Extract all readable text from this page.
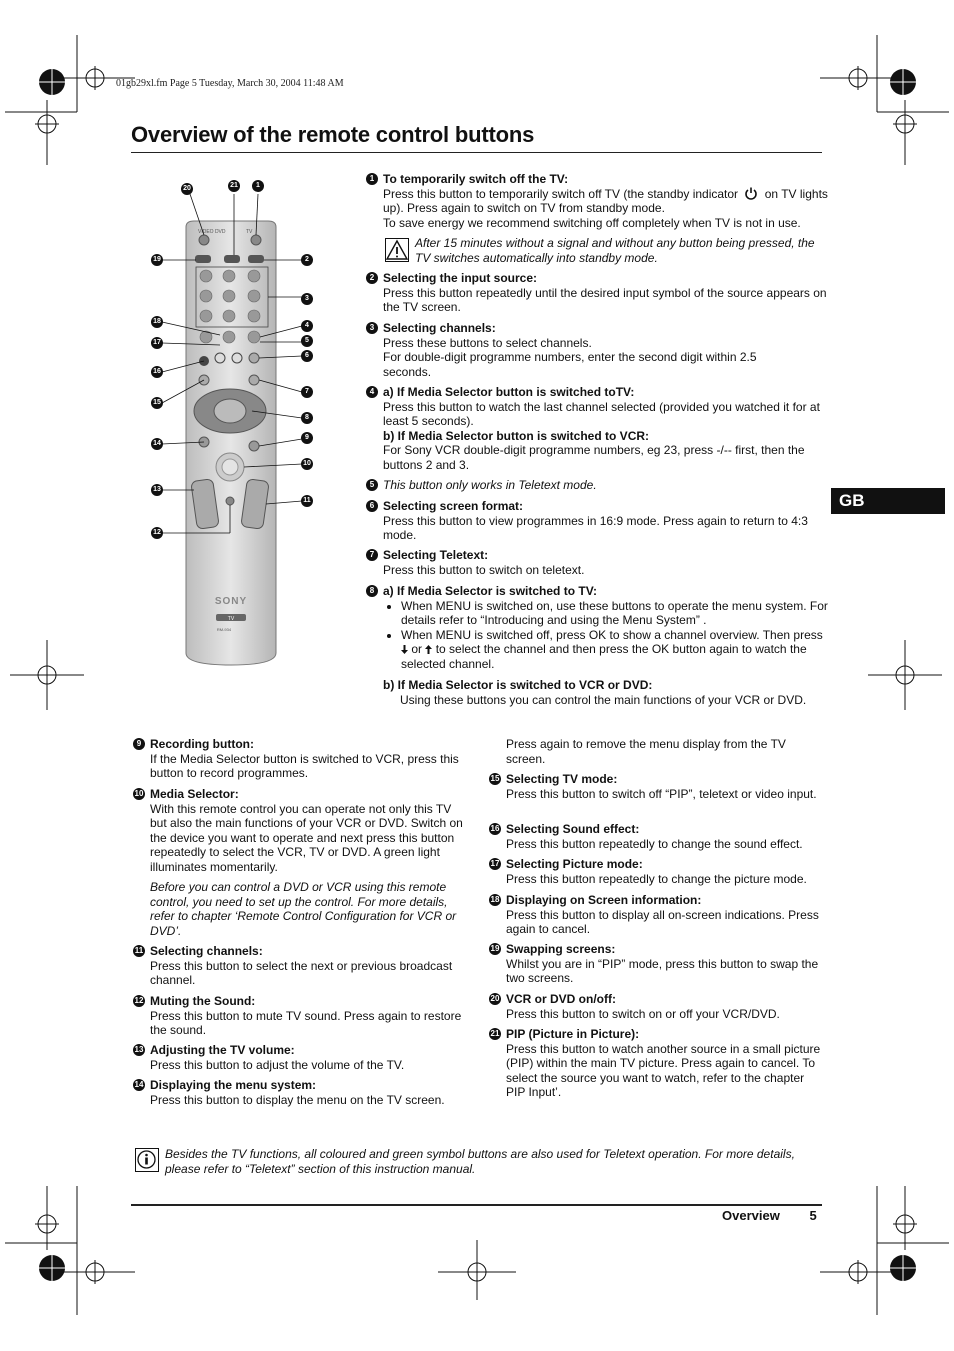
01gb29xl.fm Page 5 Tuesday, March 30, 2004 11:48 AM
Overview of the remote control buttons
GB
VIDEO DVD	TV
SONY
TV
RM-934
20	21	1
19	2
3
18
4
17	5
6
16
7
15
8
9
14
10
13
11
12
1 To temporarily switch off the TV:
Press this button to temporarily switch off TV (the standby indicator on TV lights up). Press again to switch on TV from standby mode.
To save energy we recommend switching off completely when TV is not in use.
After 15 minutes without a signal and without any button being pressed, the TV switches automatically into standby mode.
2 Selecting the input source:
Press this button repeatedly until the desired input symbol of the source appears on the TV screen.
3 Selecting channels:
Press these buttons to select channels.
For double-digit programme numbers, enter the second digit within 2.5 seconds.
4 a) If Media Selector button is switched toTV:
Press this button to watch the last channel selected (provided you watched it for at least 5 seconds).
b) If Media Selector button is switched to VCR:
For Sony VCR double-digit programme numbers, eg 23, press -/-- first, then the buttons 2 and 3.
5 This button only works in Teletext mode.
6 Selecting screen format:
Press this button to view programmes in 16:9 mode. Press again to return to 4:3 mode.
7 Selecting Teletext:
Press this button to switch on teletext.
8 a) If Media Selector is switched to TV:
• When MENU is switched on, use these buttons to operate the menu system. For details refer to “Introducing and using the Menu System” .
• When MENU is switched off, press OK to show a channel overview. Then press  or to select the channel and then press the OK button again to watch the selected channel.
b) If Media Selector is switched to VCR or DVD:
Using these buttons you can control the main functions of your VCR or DVD.
9 Recording button:
If the Media Selector button is switched to VCR, press this button to record programmes.
10 Media Selector:
With this remote control you can operate not only this TV but also the main functions of your VCR or DVD. Switch on the device you want to operate and next press this button repeatedly to select the VCR, TV or DVD. A green light illuminates momentarily.
Before you can control a DVD or VCR using this remote control, you need to set up the control. For more details, refer to chapter ‘Remote Control Configuration for VCR or DVD’.
11 Selecting channels:
Press this button to select the next or previous broadcast channel.
12 Muting the Sound:
Press this button to mute TV sound. Press again to restore the sound.
13 Adjusting the TV volume:
Press this button to adjust the volume of the TV.
14 Displaying the menu system:
Press this button to display the menu on the TV screen.
Press again to remove the menu display from the TV screen.
15 Selecting TV mode:
Press this button to switch off “PIP”, teletext or video input.
16 Selecting Sound effect:
Press this button repeatedly to change the sound effect.
17 Selecting Picture mode:
Press this button repeatedly to change the picture mode.
18 Displaying on Screen information:
Press this button to display all on-screen indications. Press again to cancel.
19 Swapping screens:
Whilst you are in “PIP” mode, press this button to swap the two screens.
20 VCR or DVD on/off:
Press this button to switch on or off your VCR/DVD.
21 PIP (Picture in Picture):
Press this button to watch another source in a small picture (PIP) within the main TV picture. Press again to cancel. To select the source you want to watch, refer to the chapter PIP Input’.
Besides the TV functions, all coloured and green symbol buttons are also used for Teletext operation. For more details, please refer to “Teletext” section of this instruction manual.
Overview 5
